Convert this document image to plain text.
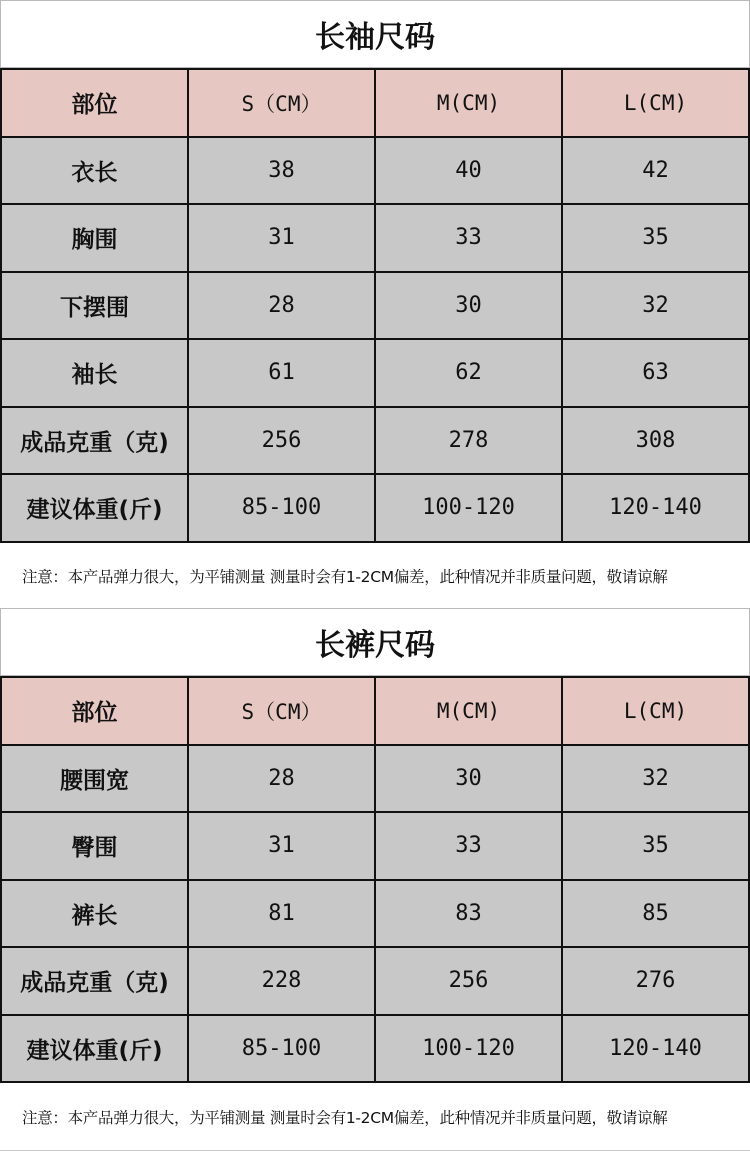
长袖尺码
部位	S（CM）	M(CM)	L(CM)
衣长	38	40	42
胸围	31	33	35
下摆围	28	30	32
袖长	61	62	63
成品克重（克)	256	278	308
建议体重(斤)	85-100	100-120	120-140
注意：本产品弹力很大，为平铺测量 测量时会有1-2CM偏差，此种情况并非质量问题，敬请谅解
长裤尺码
部位	S（CM）	M(CM)	L(CM)
腰围宽	28	30	32
臀围	31	33	35
裤长	81	83	85
成品克重（克)	228	256	276
建议体重(斤)	85-100	100-120	120-140
注意：本产品弹力很大，为平铺测量 测量时会有1-2CM偏差，此种情况并非质量问题，敬请谅解
